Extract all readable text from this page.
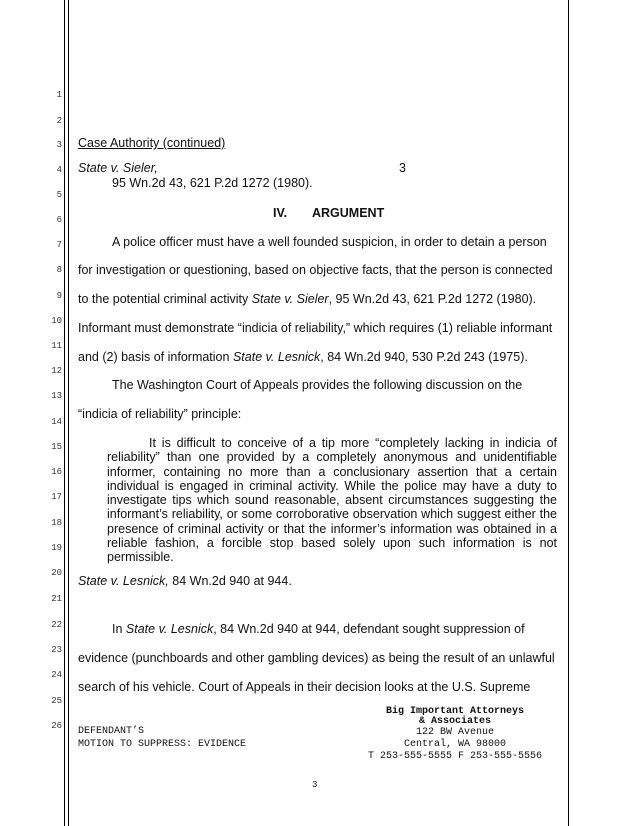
1
2
3
4
5
6
7
8
9
10
11
12
13
14
15
16
17
18
19
20
21
22
23
24
25
26
Case Authority (continued)
State v. Sieler,	3
95 Wn.2d 43, 621 P.2d 1272 (1980).
IV. ARGUMENT
A police officer must have a well founded suspicion, in order to detain a person
for investigation or questioning, based on objective facts, that the person is connected
to the potential criminal activity State v. Sieler, 95 Wn.2d 43, 621 P.2d 1272 (1980).
Informant must demonstrate “indicia of reliability,” which requires (1) reliable informant
and (2) basis of information State v. Lesnick, 84 Wn.2d 940, 530 P.2d 243 (1975).
The Washington Court of Appeals provides the following discussion on the
“indicia of reliability” principle:
It is difficult to conceive of a tip more “completely lacking in indicia of reliability” than one provided by a completely anonymous and unidentifiable informer, containing no more than a conclusionary assertion that a certain individual is engaged in criminal activity. While the police may have a duty to investigate tips which sound reasonable, absent circumstances suggesting the informant’s reliability, or some corroborative observation which suggest either the presence of criminal activity or that the informer’s information was obtained in a reliable fashion, a forcible stop based solely upon such information is not permissible.
State v. Lesnick, 84 Wn.2d 940 at 944.
In State v. Lesnick, 84 Wn.2d 940 at 944, defendant sought suppression of
evidence (punchboards and other gambling devices) as being the result of an unlawful
search of his vehicle. Court of Appeals in their decision looks at the U.S. Supreme
DEFENDANT’S
MOTION TO SUPPRESS: EVIDENCE
Big Important Attorneys
& Associates
122 BW Avenue
Central, WA 98000
T 253-555-5555 F 253-555-5556
3
